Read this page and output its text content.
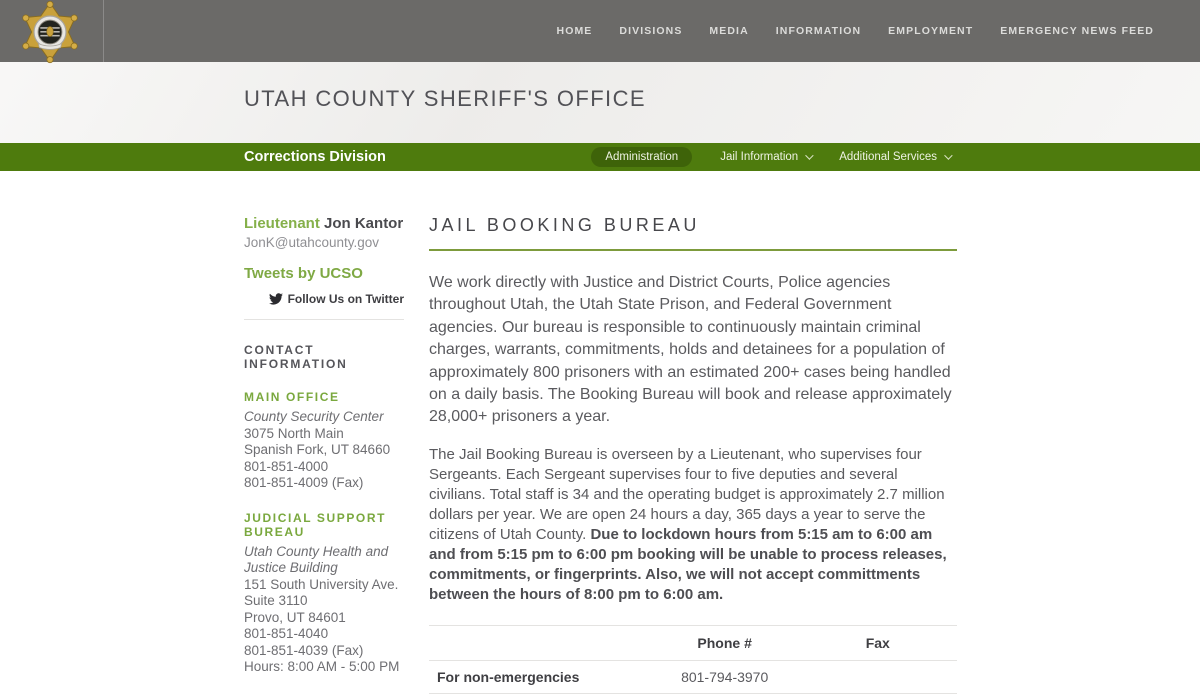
HOME	DIVISIONS	MEDIA	INFORMATION	EMPLOYMENT	EMERGENCY NEWS FEED
UTAH COUNTY SHERIFF'S OFFICE
Corrections Division	Administration	Jail Information	Additional Services
Lieutenant Jon Kantor
JonK@utahcounty.gov
Tweets by UCSO
Follow Us on Twitter
CONTACT INFORMATION
MAIN OFFICE
County Security Center
3075 North Main
Spanish Fork, UT 84660
801-851-4000
801-851-4009 (Fax)
JUDICIAL SUPPORT BUREAU
Utah County Health and Justice Building
151 South University Ave.
Suite 3110
Provo, UT 84601
801-851-4040
801-851-4039 (Fax)
Hours: 8:00 AM - 5:00 PM
JAIL BOOKING BUREAU

We work directly with Justice and District Courts, Police agencies throughout Utah, the Utah State Prison, and Federal Government agencies. Our bureau is responsible to continuously maintain criminal charges, warrants, commitments, holds and detainees for a population of approximately 800 prisoners with an estimated 200+ cases being handled on a daily basis. The Booking Bureau will book and release approximately 28,000+ prisoners a year.

The Jail Booking Bureau is overseen by a Lieutenant, who supervises four Sergeants. Each Sergeant supervises four to five deputies and several civilians. Total staff is 34 and the operating budget is approximately 2.7 million dollars per year. We are open 24 hours a day, 365 days a year to serve the citizens of Utah County. Due to lockdown hours from 5:15 am to 6:00 am and from 5:15 pm to 6:00 pm booking will be unable to process releases, commitments, or fingerprints. Also, we will not accept committments between the hours of 8:00 pm to 6:00 am.

	Phone #	Fax
For non-emergencies	801-794-3970	
